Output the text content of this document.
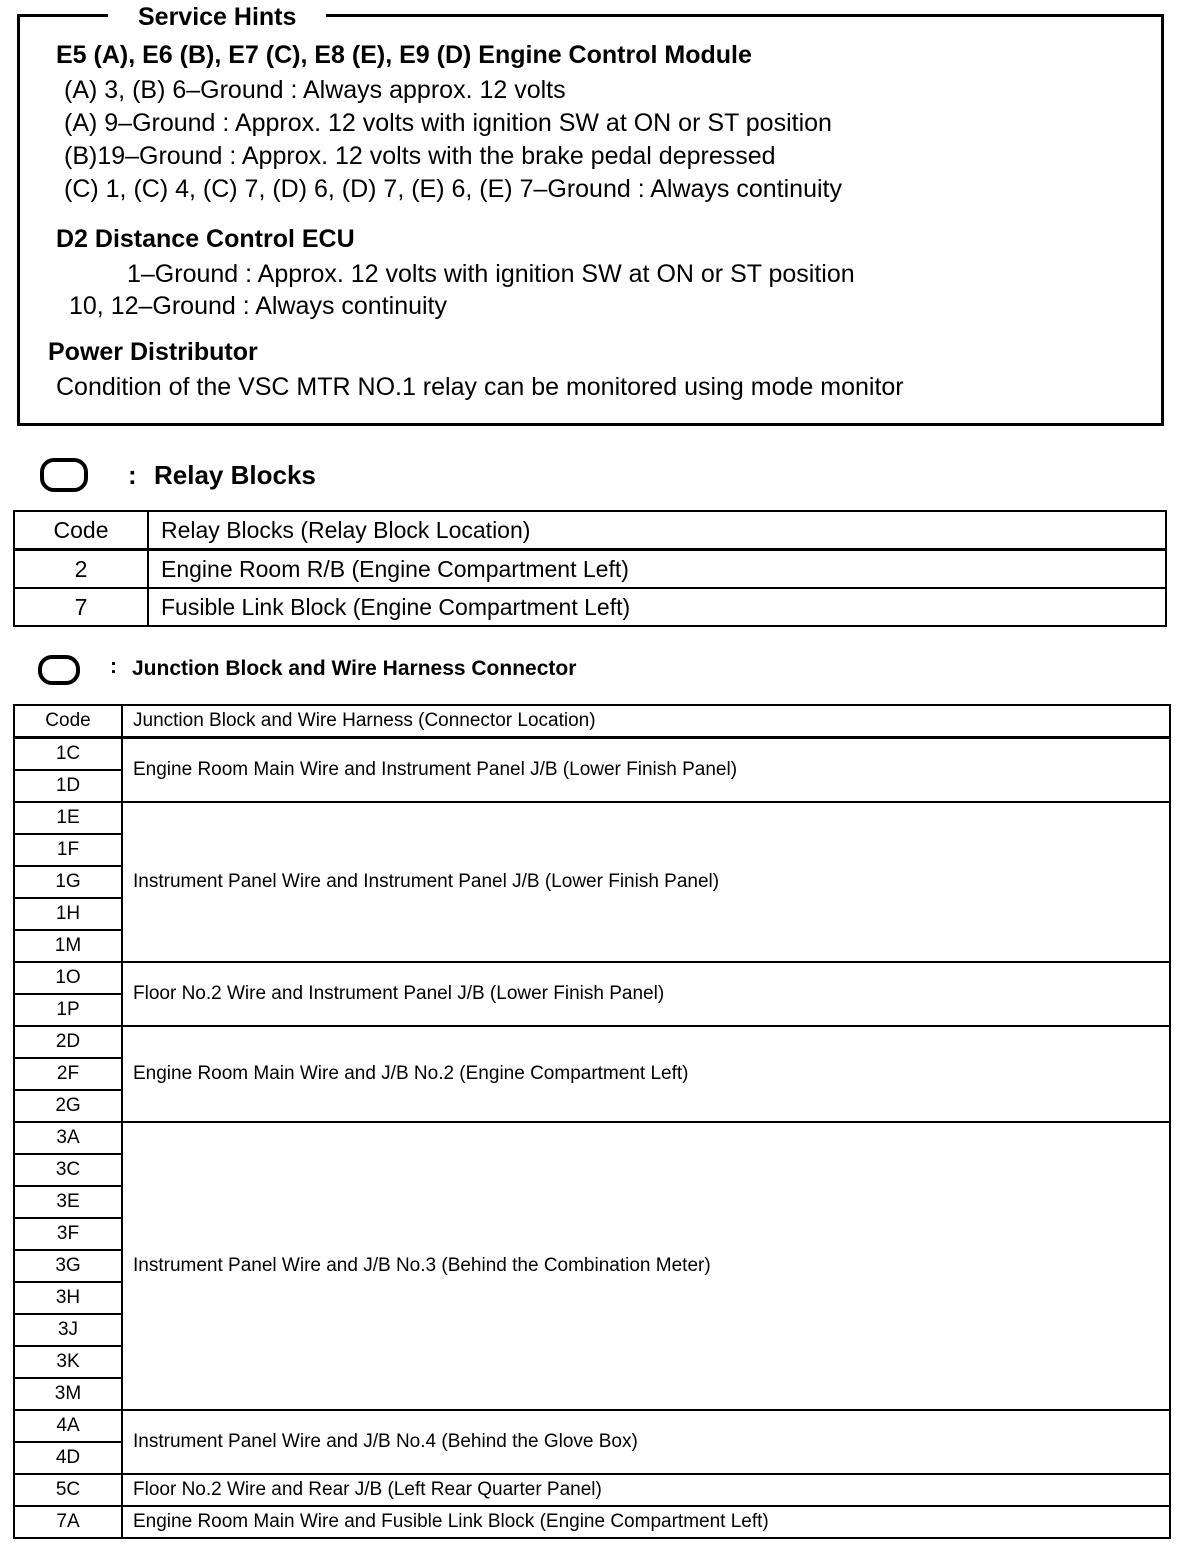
Service Hints
E5 (A), E6 (B), E7 (C), E8 (E), E9 (D) Engine Control Module
(A) 3, (B) 6–Ground : Always approx. 12 volts
(A) 9–Ground : Approx. 12 volts with ignition SW at ON or ST position
(B)19–Ground : Approx. 12 volts with the brake pedal depressed
(C) 1, (C) 4, (C) 7, (D) 6, (D) 7, (E) 6, (E) 7–Ground : Always continuity
D2 Distance Control ECU
1–Ground : Approx. 12 volts with ignition SW at ON or ST position
10, 12–Ground : Always continuity
Power Distributor
Condition of the VSC MTR NO.1 relay can be monitored using mode monitor
: Relay Blocks
Code	Relay Blocks (Relay Block Location)
2	Engine Room R/B (Engine Compartment Left)
7	Fusible Link Block (Engine Compartment Left)
: Junction Block and Wire Harness Connector
Code	Junction Block and Wire Harness (Connector Location)
1C	Engine Room Main Wire and Instrument Panel J/B (Lower Finish Panel)
1D	
1E	Instrument Panel Wire and Instrument Panel J/B (Lower Finish Panel)
1F	
1G	
1H	
1M	
1O	Floor No.2 Wire and Instrument Panel J/B (Lower Finish Panel)
1P	
2D	Engine Room Main Wire and J/B No.2 (Engine Compartment Left)
2F	
2G	
3A	Instrument Panel Wire and J/B No.3 (Behind the Combination Meter)
3C	
3E	
3F	
3G	
3H	
3J	
3K	
3M	
4A	Instrument Panel Wire and J/B No.4 (Behind the Glove Box)
4D	
5C	Floor No.2 Wire and Rear J/B (Left Rear Quarter Panel)
7A	Engine Room Main Wire and Fusible Link Block (Engine Compartment Left)
